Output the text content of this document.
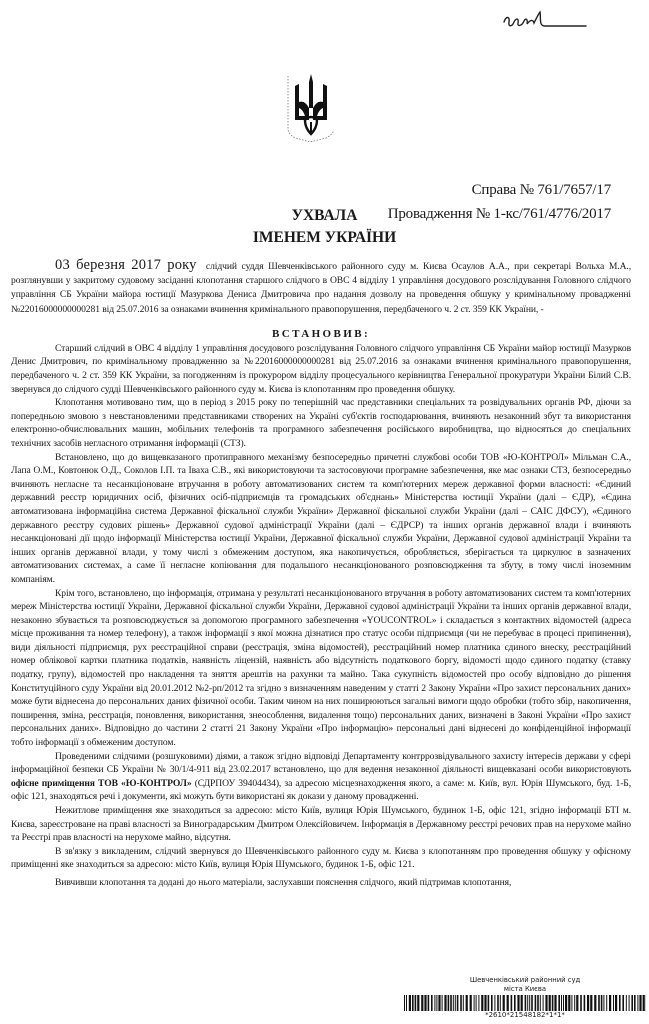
Справа № 761/7657/17
Провадження № 1-кс/761/4776/2017
УХВАЛА
ІМЕНЕМ УКРАЇНИ

03 березня 2017 року слідчий суддя Шевченківського районного суду м. Києва Осаулов А.А., при секретарі Вольха М.А., розглянувши у закритому судовому засіданні клопотання старшого слідчого в ОВС 4 відділу 1 управління досудового розслідування Головного слідчого управління СБ України майора юстиції Мазуркова Дениса Дмитровича про надання дозволу на проведення обшуку у кримінальному провадженні №22016000000000281 від 25.07.2016 за ознаками вчинення кримінального правопорушення, передбаченого ч. 2 ст. 359 КК України, -

ВСТАНОВИВ:

Старший слідчий в ОВС 4 відділу 1 управління досудового розслідування Головного слідчого управління СБ України майор юстиції Мазурков Денис Дмитрович, по кримінальному провадженню за №22016000000000281 від 25.07.2016 за ознаками вчинення кримінального правопорушення, передбаченого ч. 2 ст. 359 КК України, за погодженням із прокурором відділу процесуального керівництва Генеральної прокуратури України Білий С.В. звернувся до слідчого судді Шевченківського районного суду м. Києва із клопотанням про проведення обшуку.

Клопотання мотивовано тим, що в період з 2015 року по теперішній час представники спеціальних та розвідувальних органів РФ, діючи за попередньою змовою з невстановленими представниками створених на Україні суб'єктів господарювання, вчиняють незаконний збут та використання електронно-обчислювальних машин, мобільних телефонів та програмного забезпечення російського виробництва, що відносяться до спеціальних технічних засобів негласного отримання інформації (СТЗ).

Встановлено, що до вищевказаного протиправного механізму безпосередньо причетні службові особи ТОВ «Ю-КОНТРОЛ» Мільман С.А., Лапа О.М., Ковтонюк О.Д., Соколов І.П. та Іваха С.В., які використовуючи та застосовуючи програмне забезпечення, яке має ознаки СТЗ, безпосередньо вчиняють негласне та несанкціоноване втручання в роботу автоматизованих систем та комп'ютерних мереж державної форми власності: «Єдиний державний реєстр юридичних осіб, фізичних осіб-підприємців та громадських об'єднань» Міністерства юстиції України (далі – ЄДР), «Єдина автоматизована інформаційна система Державної фіскальної служби України» Державної фіскальної служби України (далі – САІС ДФСУ), «Єдиного державного реєстру судових рішень» Державної судової адміністрації України (далі – ЄДРСР) та інших органів державної влади і вчиняють несанкціоновані дії щодо інформації Міністерства юстиції України, Державної фіскальної служби України, Державної судової адміністрації України та інших органів державної влади, у тому числі з обмеженим доступом, яка накопичується, обробляється, зберігається та циркулює в зазначених автоматизованих системах, а саме її негласне копіювання для подальшого несанкціонованого розповсюдження та збуту, в тому числі іноземним компаніям.

Крім того, встановлено, що інформація, отримана у результаті несанкціонованого втручання в роботу автоматизованих систем та комп'ютерних мереж Міністерства юстиції України, Державної фіскальної служби України, Державної судової адміністрації України та інших органів державної влади, незаконно збувається та розповсюджується за допомогою програмного забезпечення «YOUCONTROL» і складається з контактних відомостей (адреса місце проживання та номер телефону), а також інформації з якої можна дізнатися про статус особи підприємця (чи не перебуває в процесі припинення), види діяльності підприємця, рух реєстраційної справи (реєстрація, зміна відомостей), реєстраційний номер платника єдиного внеску, реєстраційний номер облікової картки платника податків, наявність ліцензій, наявність або відсутність податкового боргу, відомості щодо єдиного податку (ставку податку, групу), відомостей про накладення та зняття арештів на рахунки та майно. Така сукупність відомостей про особу відповідно до рішення Конституційного суду України від 20.01.2012 №2-рп/2012 та згідно з визначенням наведеним у статті 2 Закону України «Про захист персональних даних» може бути віднесена до персональних даних фізичної особи. Таким чином на них поширюються загальні вимоги щодо обробки (тобто збір, накопичення, поширення, зміна, реєстрація, поновлення, використання, знеособлення, видалення тощо) персональних даних, визначені в Законі України «Про захист персональних даних». Відповідно до частини 2 статті 21 Закону України «Про інформацію» персональні дані віднесені до конфіденційної інформації тобто інформації з обмеженим доступом.

Проведеними слідчими (розшуковими) діями, а також згідно відповіді Департаменту контррозвідувального захисту інтересів держави у сфері інформаційної безпеки СБ України № 30/1/4-911 від 23.02.2017 встановлено, що для ведення незаконної діяльності вищевказані особи використовують офісне приміщення ТОВ «Ю-КОНТРОЛ» (СДРПОУ 39404434), за адресою місцезнаходження якого, а саме: м. Київ, вул. Юрія Шумського, буд. 1-Б, офіс 121, знаходяться речі і документи, які можуть бути використані як докази у даному провадженні.

Нежитлове приміщення яке знаходиться за адресою: місто Київ, вулиця Юрія Шумського, будинок 1-Б, офіс 121, згідно інформації БТІ м. Києва, зареєстроване на праві власності за Виноградарським Дмитром Олексійовичем. Інформація в Державному реєстрі речових прав на нерухоме майно та Реєстрі прав власності на нерухоме майно, відсутня.

В зв'язку з викладеним, слідчий звернувся до Шевченківського районного суду м. Києва з клопотанням про проведення обшуку у офісному приміщенні яке знаходиться за адресою: місто Київ, вулиця Юрія Шумського, будинок 1-Б, офіс 121.

Вивчивши клопотання та додані до нього матеріали, заслухавши пояснення слідчого, який підтримав клопотання,

Шевченківський районний суд
міста Києва
*2610*21548182*1*1*
